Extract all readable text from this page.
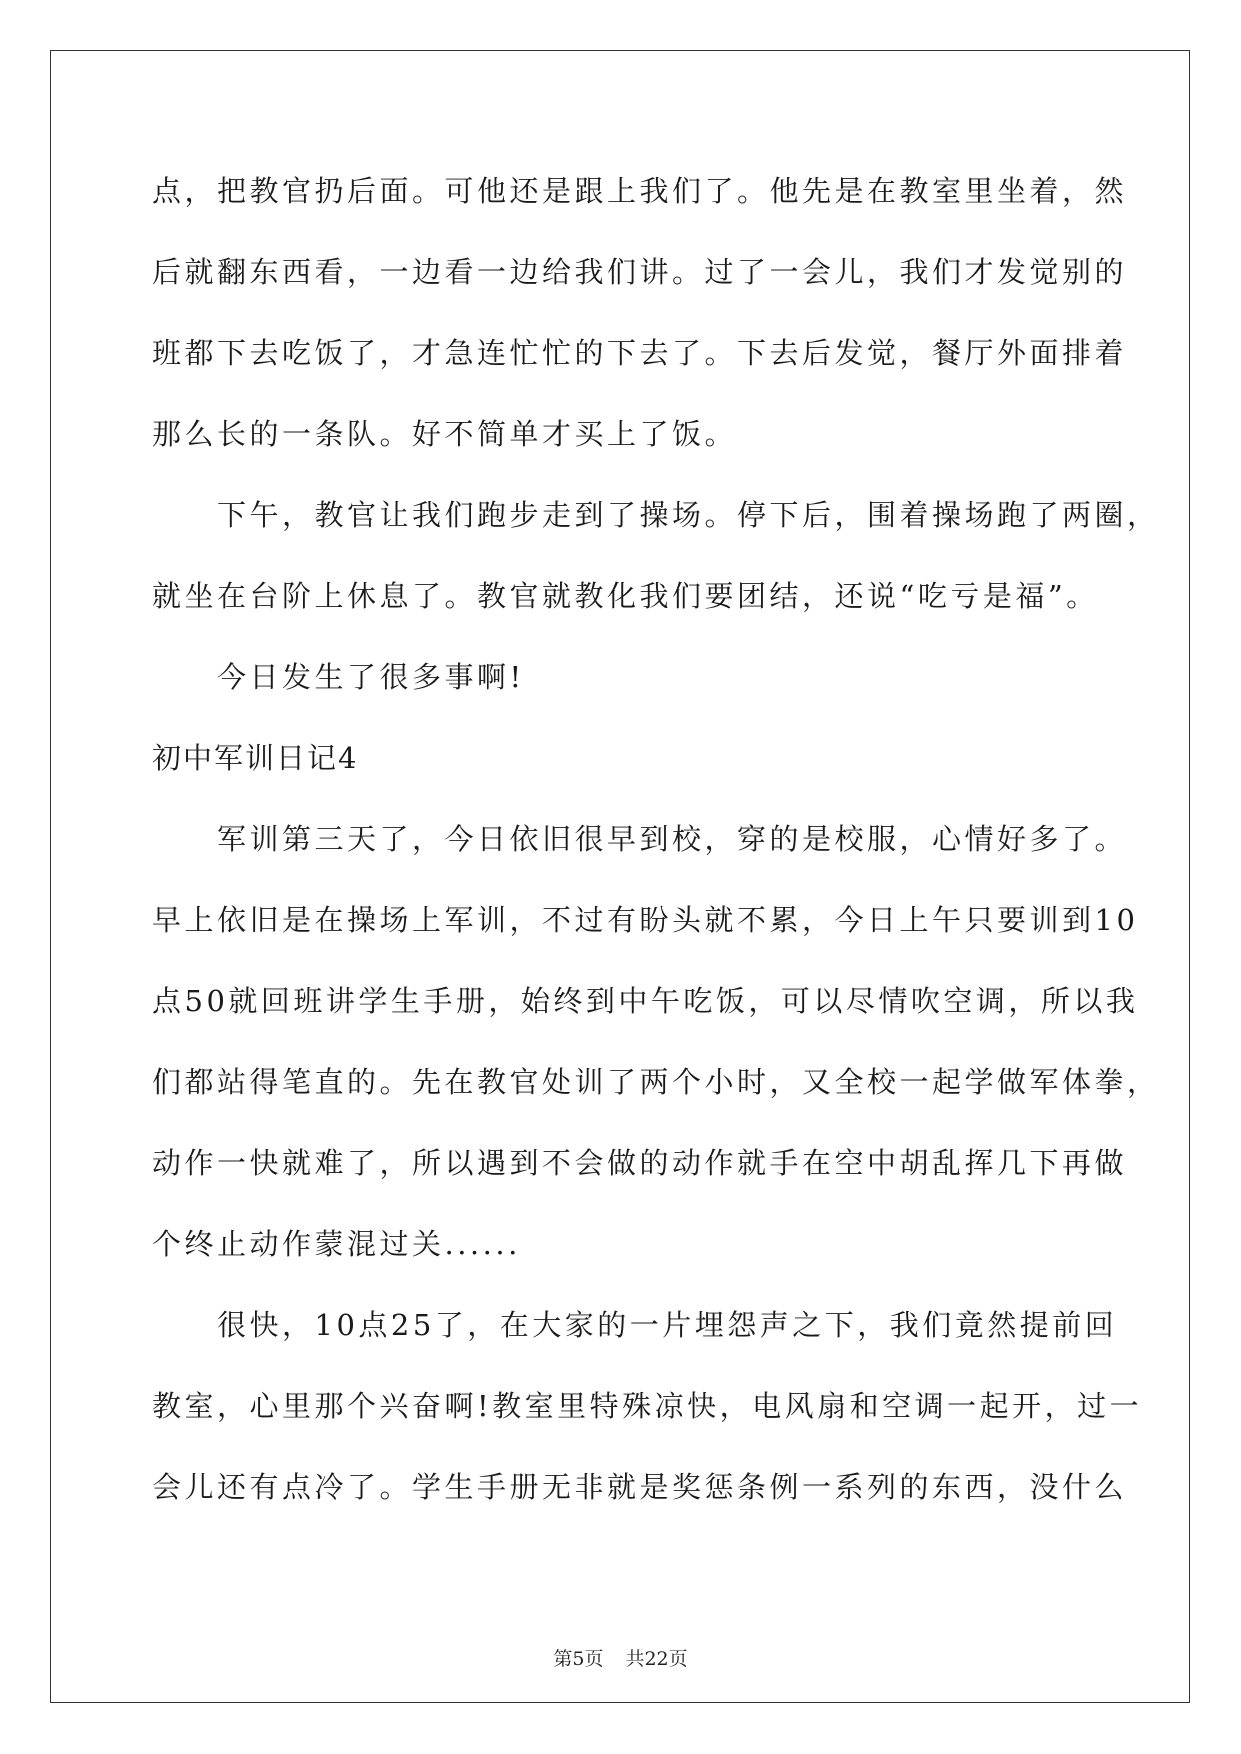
点，把教官扔后面。可他还是跟上我们了。他先是在教室里坐着，然
后就翻东西看，一边看一边给我们讲。过了一会儿，我们才发觉别的
班都下去吃饭了，才急连忙忙的下去了。下去后发觉，餐厅外面排着
那么长的一条队。好不简单才买上了饭。
下午，教官让我们跑步走到了操场。停下后，围着操场跑了两圈，
就坐在台阶上休息了。教官就教化我们要团结，还说“吃亏是福”。
今日发生了很多事啊!
初中军训日记4
军训第三天了，今日依旧很早到校，穿的是校服，心情好多了。
早上依旧是在操场上军训，不过有盼头就不累，今日上午只要训到10
点50就回班讲学生手册，始终到中午吃饭，可以尽情吹空调，所以我
们都站得笔直的。先在教官处训了两个小时，又全校一起学做军体拳，
动作一快就难了，所以遇到不会做的动作就手在空中胡乱挥几下再做
个终止动作蒙混过关......
很快，10点25了，在大家的一片埋怨声之下，我们竟然提前回
教室，心里那个兴奋啊!教室里特殊凉快，电风扇和空调一起开，过一
会儿还有点冷了。学生手册无非就是奖惩条例一系列的东西，没什么
第5页 共22页
